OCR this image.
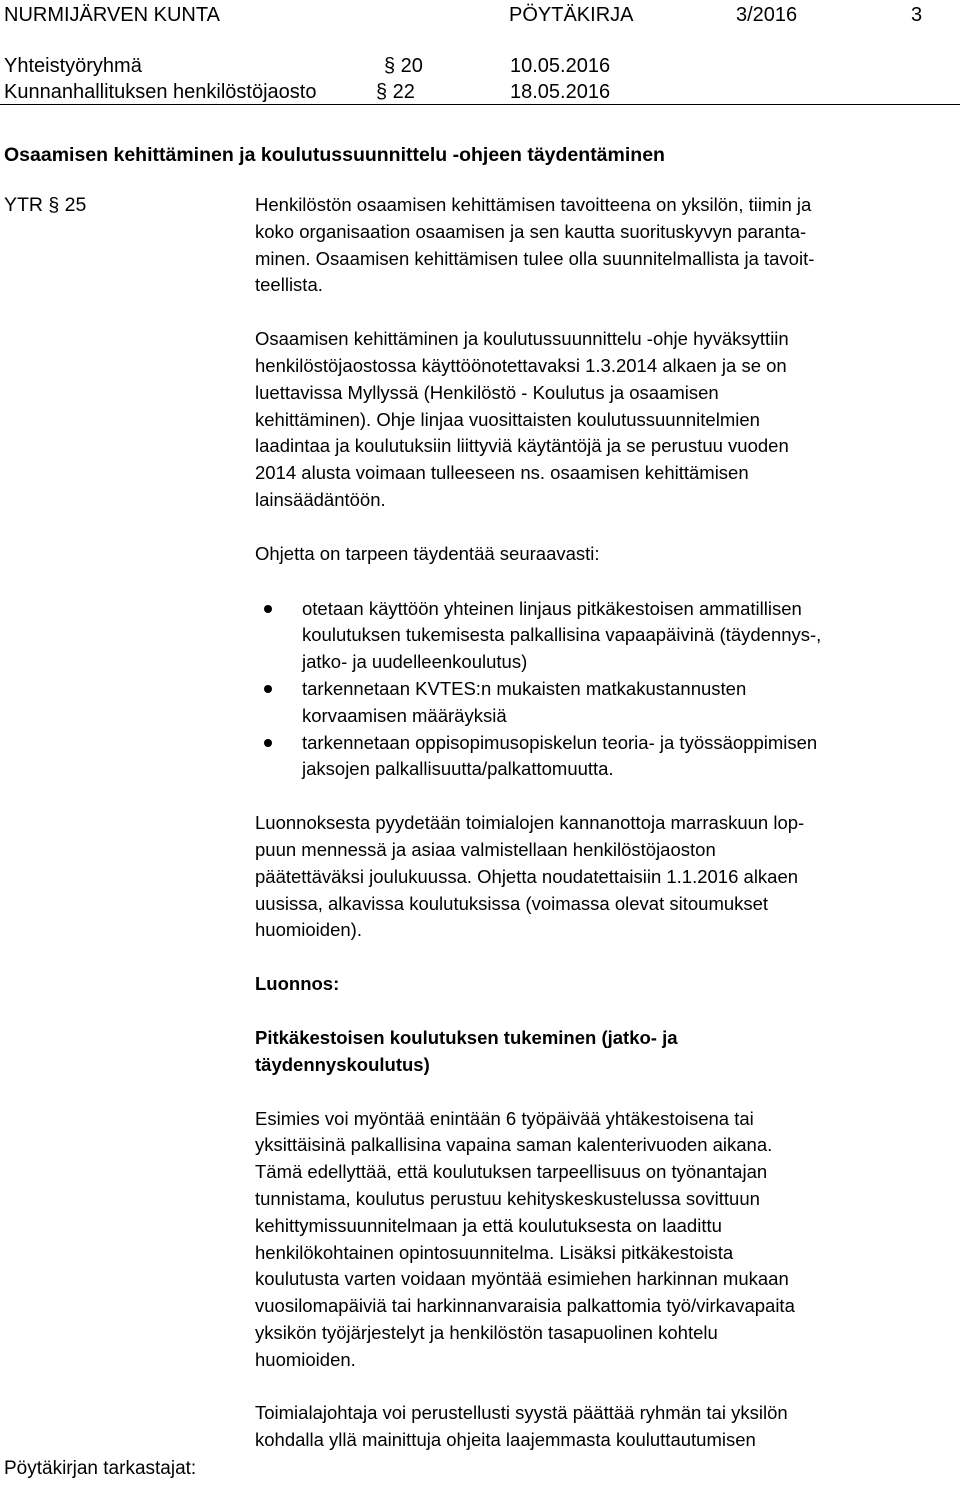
NURMIJÄRVEN KUNTA	PÖYTÄKIRJA	3/2016	3
Yhteistyöryhmä	§ 20	10.05.2016
Kunnanhallituksen henkilöstöjaosto	§ 22	18.05.2016
Osaamisen kehittäminen ja koulutussuunnittelu -ohjeen täydentäminen
YTR § 25	Henkilöstön osaamisen kehittämisen tavoitteena on yksilön, tiimin ja
koko organisaation osaamisen ja sen kautta suorituskyvyn paranta-
minen. Osaamisen kehittämisen tulee olla suunnitelmallista ja tavoit-
teellista.

Osaamisen kehittäminen ja koulutussuunnittelu -ohje hyväksyttiin
henkilöstöjaostossa käyttöönotettavaksi 1.3.2014 alkaen ja se on
luettavissa Myllyssä (Henkilöstö - Koulutus ja osaamisen
kehittäminen). Ohje linjaa vuosittaisten koulutussuunnitelmien
laadintaa ja koulutuksiin liittyviä käytäntöjä ja se perustuu vuoden
2014 alusta voimaan tulleeseen ns. osaamisen kehittämisen
lainsäädäntöön.

Ohjetta on tarpeen täydentää seuraavasti:

otetaan käyttöön yhteinen linjaus pitkäkestoisen ammatillisen
koulutuksen tukemisesta palkallisina vapaapäivinä (täydennys-,
jatko- ja uudelleenkoulutus)
tarkennetaan KVTES:n mukaisten matkakustannusten
korvaamisen määräyksiä
tarkennetaan oppisopimusopiskelun teoria- ja työssäoppimisen
jaksojen palkallisuutta/palkattomuutta.

Luonnoksesta pyydetään toimialojen kannanottoja marraskuun lop-
puun mennessä ja asiaa valmistellaan henkilöstöjaoston
päätettäväksi joulukuussa. Ohjetta noudatettaisiin 1.1.2016 alkaen
uusissa, alkavissa koulutuksissa (voimassa olevat sitoumukset
huomioiden).

Luonnos:

Pitkäkestoisen koulutuksen tukeminen (jatko- ja
täydennyskoulutus)

Esimies voi myöntää enintään 6 työpäivää yhtäkestoisena tai
yksittäisinä palkallisina vapaina saman kalenterivuoden aikana.
Tämä edellyttää, että koulutuksen tarpeellisuus on työnantajan
tunnistama, koulutus perustuu kehityskeskustelussa sovittuun
kehittymissuunnitelmaan ja että koulutuksesta on laadittu
henkilökohtainen opintosuunnitelma. Lisäksi pitkäkestoista
koulutusta varten voidaan myöntää esimiehen harkinnan mukaan
vuosilomapäiviä tai harkinnanvaraisia palkattomia työ/virkavapaita
yksikön työjärjestelyt ja henkilöstön tasapuolinen kohtelu
huomioiden.

Toimialajohtaja voi perustellusti syystä päättää ryhmän tai yksilön
kohdalla yllä mainittuja ohjeita laajemmasta kouluttautumisen

Pöytäkirjan tarkastajat:
